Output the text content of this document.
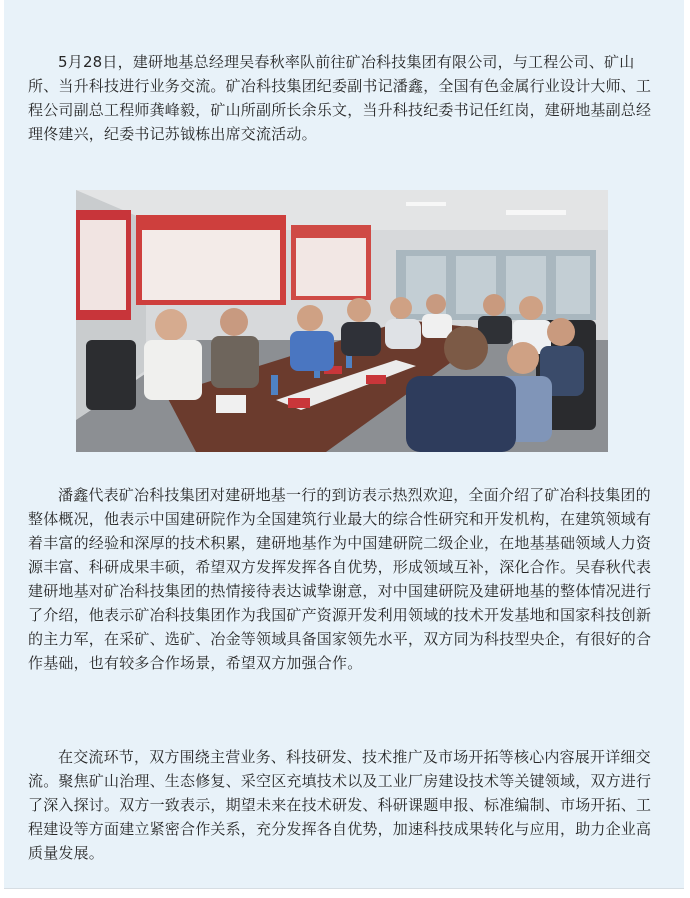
5月28日，建研地基总经理吴春秋率队前往矿冶科技集团有限公司，与工程公司、矿山所、当升科技进行业务交流。矿冶科技集团纪委副书记潘鑫，全国有色金属行业设计大师、工程公司副总工程师龚峰毅，矿山所副所长余乐文，当升科技纪委书记任红岗，建研地基副总经理佟建兴，纪委书记苏钺栋出席交流活动。

潘鑫代表矿冶科技集团对建研地基一行的到访表示热烈欢迎，全面介绍了矿冶科技集团的整体概况，他表示中国建研院作为全国建筑行业最大的综合性研究和开发机构，在建筑领域有着丰富的经验和深厚的技术积累，建研地基作为中国建研院二级企业，在地基基础领域人力资源丰富、科研成果丰硕，希望双方发挥发挥各自优势，形成领域互补，深化合作。吴春秋代表建研地基对矿冶科技集团的热情接待表达诚挚谢意，对中国建研院及建研地基的整体情况进行了介绍，他表示矿冶科技集团作为我国矿产资源开发利用领域的技术开发基地和国家科技创新的主力军，在采矿、选矿、冶金等领域具备国家领先水平，双方同为科技型央企，有很好的合作基础，也有较多合作场景，希望双方加强合作。

在交流环节，双方围绕主营业务、科技研发、技术推广及市场开拓等核心内容展开详细交流。聚焦矿山治理、生态修复、采空区充填技术以及工业厂房建设技术等关键领域，双方进行了深入探讨。双方一致表示，期望未来在技术研发、科研课题申报、标准编制、市场开拓、工程建设等方面建立紧密合作关系，充分发挥各自优势，加速科技成果转化与应用，助力企业高质量发展。
